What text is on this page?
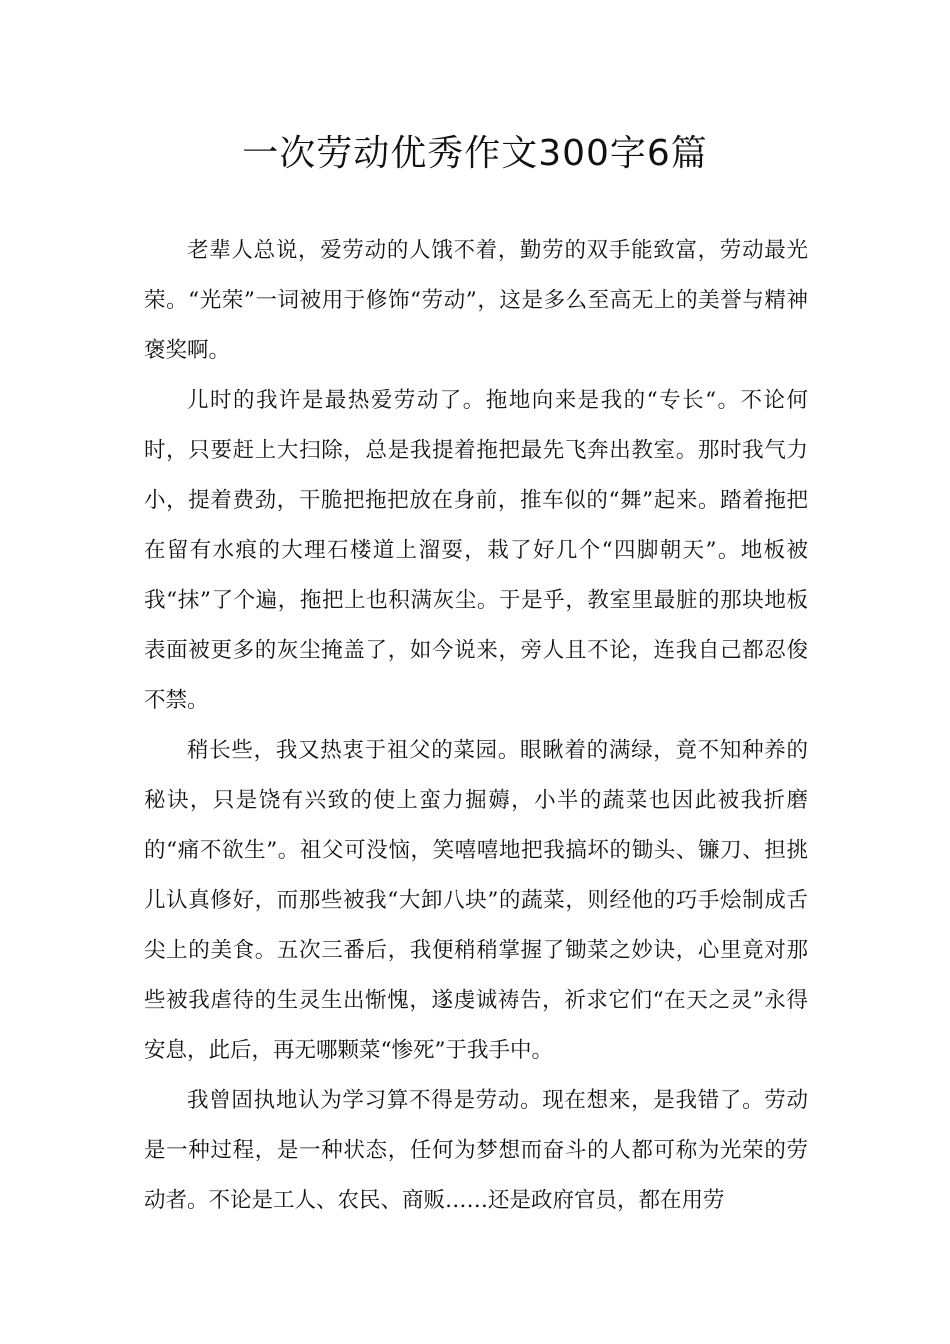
一次劳动优秀作文300字6篇

老辈人总说，爱劳动的人饿不着，勤劳的双手能致富，劳动最光荣。“光荣”一词被用于修饰“劳动”，这是多么至高无上的美誉与精神褒奖啊。

儿时的我许是最热爱劳动了。拖地向来是我的“专长“。不论何时，只要赶上大扫除，总是我提着拖把最先飞奔出教室。那时我气力小，提着费劲，干脆把拖把放在身前，推车似的“舞”起来。踏着拖把在留有水痕的大理石楼道上溜耍，栽了好几个“四脚朝天”。地板被我“抹”了个遍，拖把上也积满灰尘。于是乎，教室里最脏的那块地板表面被更多的灰尘掩盖了，如今说来，旁人且不论，连我自己都忍俊不禁。

稍长些，我又热衷于祖父的菜园。眼瞅着的满绿，竟不知种养的秘诀，只是饶有兴致的使上蛮力掘薅，小半的蔬菜也因此被我折磨的“痛不欲生”。祖父可没恼，笑嘻嘻地把我搞坏的锄头、镰刀、担挑儿认真修好，而那些被我“大卸八块”的蔬菜，则经他的巧手烩制成舌尖上的美食。五次三番后，我便稍稍掌握了锄菜之妙诀，心里竟对那些被我虐待的生灵生出惭愧，遂虔诚祷告，祈求它们“在天之灵”永得安息，此后，再无哪颗菜“惨死”于我手中。

我曾固执地认为学习算不得是劳动。现在想来，是我错了。劳动是一种过程，是一种状态，任何为梦想而奋斗的人都可称为光荣的劳动者。不论是工人、农民、商贩……还是政府官员，都在用劳
